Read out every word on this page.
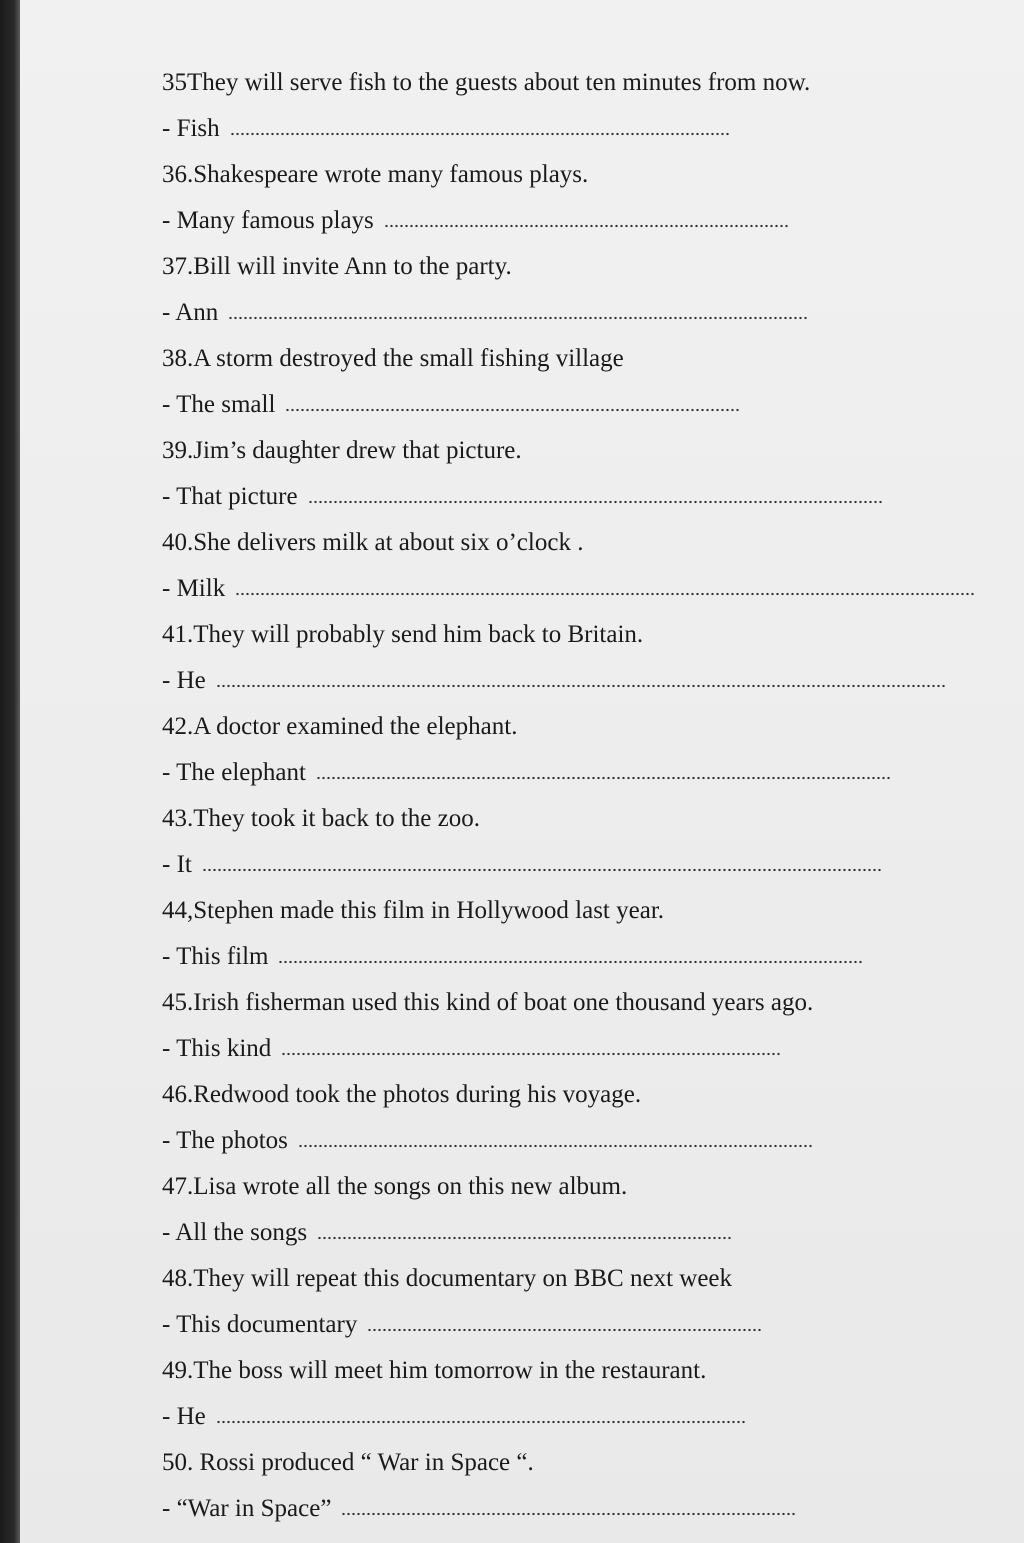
35They will serve fish to the guests about ten minutes from now.
- Fish
36.Shakespeare wrote many famous plays.
- Many famous plays
37.Bill will invite Ann to the party.
- Ann
38.A storm destroyed the small fishing village
- The small
39.Jim’s daughter drew that picture.
- That picture
40.She delivers milk at about six o’clock .
- Milk
41.They will probably send him back to Britain.
- He
42.A doctor examined the elephant.
- The elephant
43.They took it back to the zoo.
- It
44,Stephen made this film in Hollywood last year.
- This film
45.Irish fisherman used this kind of boat one thousand years ago.
- This kind
46.Redwood took the photos during his voyage.
- The photos
47.Lisa wrote all the songs on this new album.
- All the songs
48.They will repeat this documentary on BBC next week
- This documentary
49.The boss will meet him tomorrow in the restaurant.
- He
50. Rossi produced “ War in Space “.
- “War in Space”
